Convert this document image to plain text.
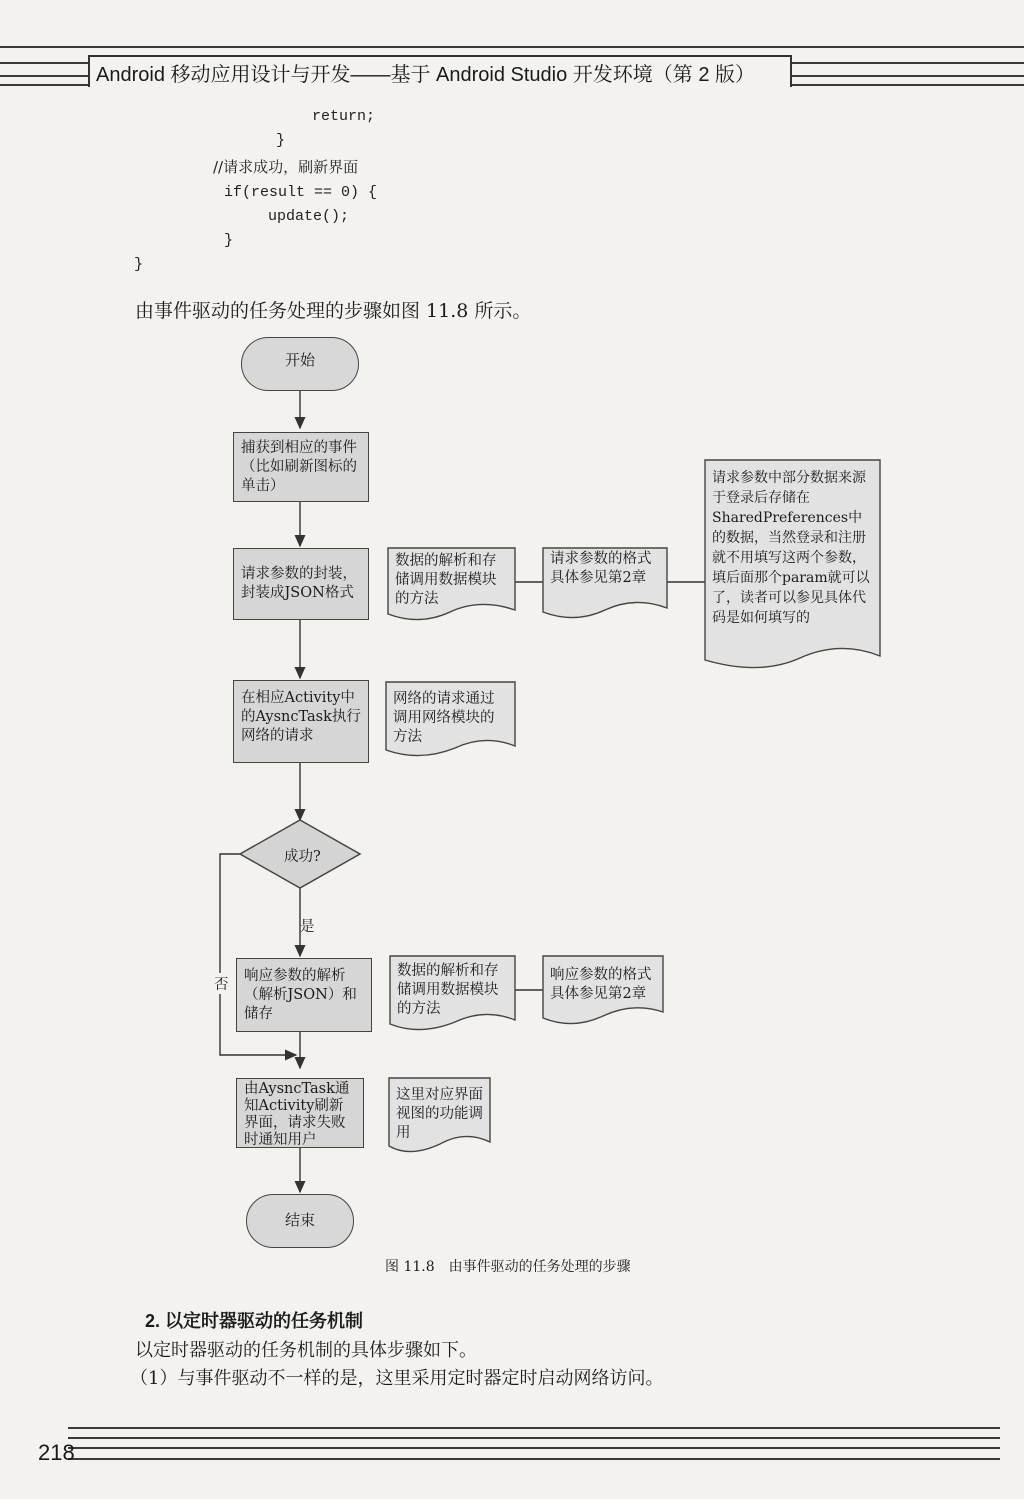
Android 移动应用设计与开发——基于 Android Studio 开发环境（第 2 版）
return;
}
//请求成功，刷新界面
if(result == 0) {
update();
}
}
由事件驱动的任务处理的步骤如图 11.8 所示。
开始
捕获到相应的事件（比如刷新图标的单击）
请求参数的封装，封装成JSON格式
在相应Activity中的AysncTask执行网络的请求
响应参数的解析（解析JSON）和储存
由AysncTask通知Activity刷新界面，请求失败时通知用户
成功?
是
否
数据的解析和存储调用数据模块的方法
请求参数的格式具体参见第2章
请求参数中部分数据来源于登录后存储在SharedPreferences中的数据，当然登录和注册就不用填写这两个参数，填后面那个param就可以了，读者可以参见具体代码是如何填写的
网络的请求通过调用网络模块的方法
数据的解析和存储调用数据模块的方法
响应参数的格式具体参见第2章
这里对应界面视图的功能调用
结束
图 11.8　由事件驱动的任务处理的步骤
2. 以定时器驱动的任务机制
以定时器驱动的任务机制的具体步骤如下。
（1）与事件驱动不一样的是，这里采用定时器定时启动网络访问。
218
